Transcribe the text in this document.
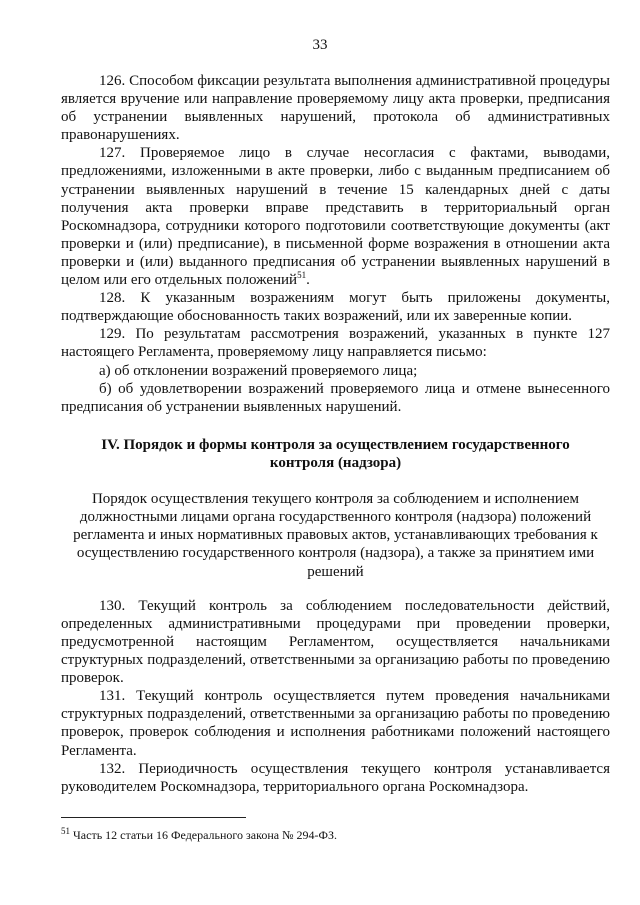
33

126. Способом фиксации результата выполнения административной процедуры является вручение или направление проверяемому лицу акта проверки, предписания об устранении выявленных нарушений, протокола об административных правонарушениях.

127. Проверяемое лицо в случае несогласия с фактами, выводами, предложениями, изложенными в акте проверки, либо с выданным предписанием об устранении выявленных нарушений в течение 15 календарных дней с даты получения акта проверки вправе представить в территориальный орган Роскомнадзора, сотрудники которого подготовили соответствующие документы (акт проверки и (или) предписание), в письменной форме возражения в отношении акта проверки и (или) выданного предписания об устранении выявленных нарушений в целом или его отдельных положений$^{51}$.

128. К указанным возражениям могут быть приложены документы, подтверждающие обоснованность таких возражений, или их заверенные копии.

129. По результатам рассмотрения возражений, указанных в пункте 127 настоящего Регламента, проверяемому лицу направляется письмо:

а) об отклонении возражений проверяемого лица;

б) об удовлетворении возражений проверяемого лица и отмене вынесенного предписания об устранении выявленных нарушений.

IV. Порядок и формы контроля за осуществлением государственного контроля (надзора)
Порядок осуществления текущего контроля за соблюдением и исполнением должностными лицами органа государственного контроля (надзора) положений регламента и иных нормативных правовых актов, устанавливающих требования к осуществлению государственного контроля (надзора), а также за принятием ими решений

130. Текущий контроль за соблюдением последовательности действий, определенных административными процедурами при проведении проверки, предусмотренной настоящим Регламентом, осуществляется начальниками структурных подразделений, ответственными за организацию работы по проведению проверок.

131. Текущий контроль осуществляется путем проведения начальниками структурных подразделений, ответственными за организацию работы по проведению проверок, проверок соблюдения и исполнения работниками положений настоящего Регламента.

132. Периодичность осуществления текущего контроля устанавливается руководителем Роскомнадзора, территориального органа Роскомнадзора.

$^{51}$ Часть 12 статьи 16 Федерального закона № 294-ФЗ.
